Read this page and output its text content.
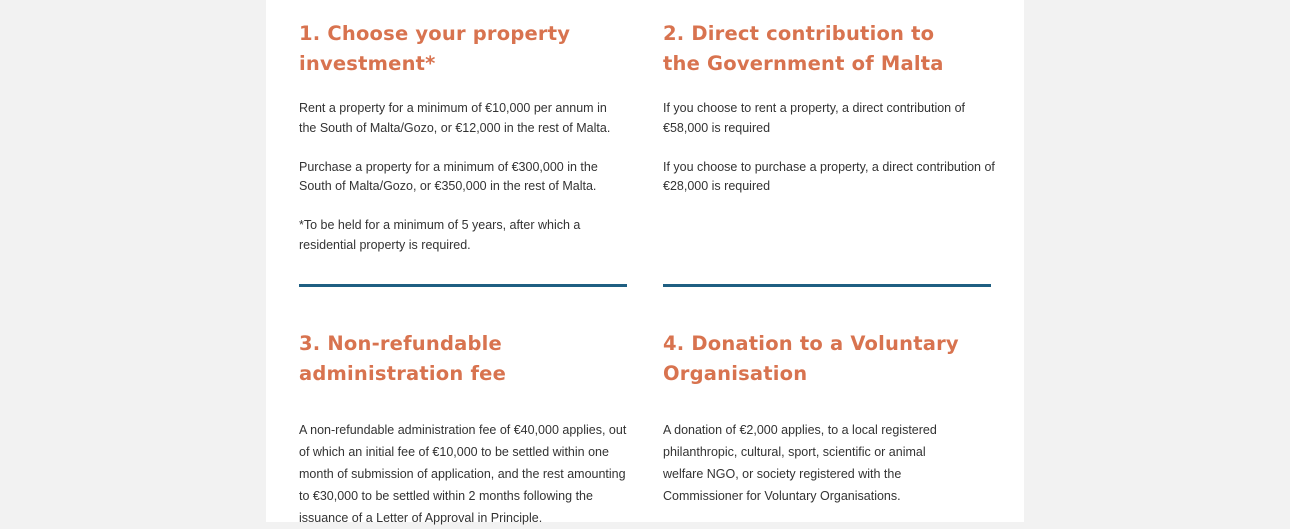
1. Choose your property investment*

Rent a property for a minimum of €10,000 per annum in the South of Malta/Gozo, or €12,000 in the rest of Malta.

Purchase a property for a minimum of €300,000 in the South of Malta/Gozo, or €350,000 in the rest of Malta.

*To be held for a minimum of 5 years, after which a residential property is required.

2. Direct contribution to the Government of Malta

If you choose to rent a property, a direct contribution of €58,000 is required

If you choose to purchase a property, a direct contribution of €28,000 is required

3. Non-refundable administration fee

A non-refundable administration fee of €40,000 applies, out of which an initial fee of €10,000 to be settled within one month of submission of application, and the rest amounting to €30,000 to be settled within 2 months following the issuance of a Letter of Approval in Principle.

4. Donation to a Voluntary Organisation

A donation of €2,000 applies, to a local registered philanthropic, cultural, sport, scientific or animal welfare NGO, or society registered with the Commissioner for Voluntary Organisations.
